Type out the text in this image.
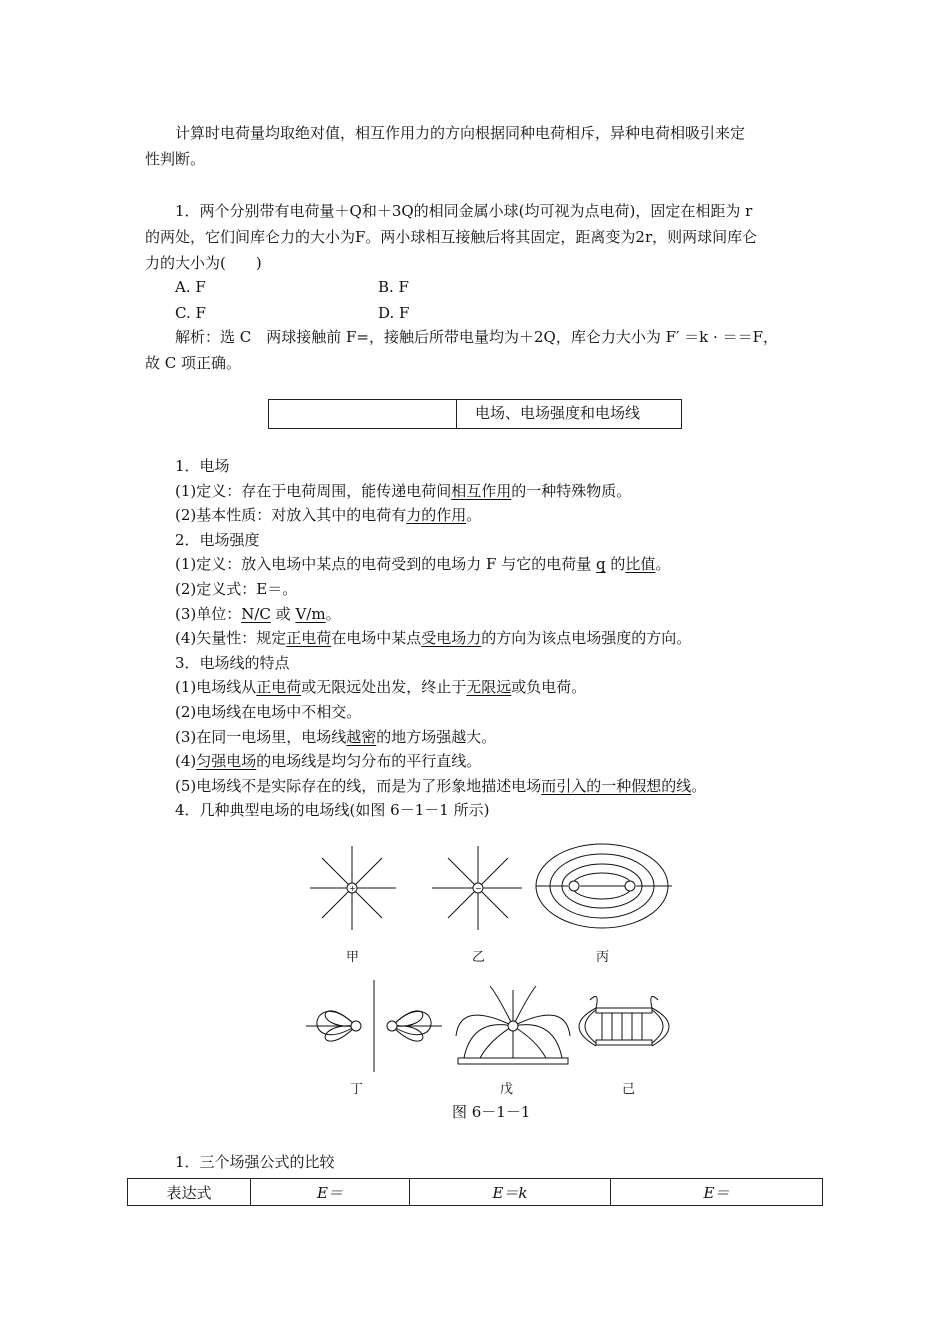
计算时电荷量均取绝对值，相互作用力的方向根据同种电荷相斥，异种电荷相吸引来定
性判断。
1．两个分别带有电荷量＋Q和＋3Q的相同金属小球(均可视为点电荷)，固定在相距为 r
的两处，它们间库仑力的大小为F。两小球相互接触后将其固定，距离变为2r，则两球间库仑
力的大小为(　　)
A. F	B. F
C. F	D. F
解析：选 C　两球接触前 F=，接触后所带电量均为＋2Q，库仑力大小为 F′ ＝k · ＝＝F，
故 C 项正确。
电场、电场强度和电场线
1．电场
(1)定义：存在于电荷周围，能传递电荷间相互作用的一种特殊物质。
(2)基本性质：对放入其中的电荷有力的作用。
2．电场强度
(1)定义：放入电场中某点的电荷受到的电场力 F 与它的电荷量 q 的比值。
(2)定义式：E＝。
(3)单位：N/C 或 V/m。
(4)矢量性：规定正电荷在电场中某点受电场力的方向为该点电场强度的方向。
3．电场线的特点
(1)电场线从正电荷或无限远处出发，终止于无限远或负电荷。
(2)电场线在电场中不相交。
(3)在同一电场里，电场线越密的地方场强越大。
(4)匀强电场的电场线是均匀分布的平行直线。
(5)电场线不是实际存在的线，而是为了形象地描述电场而引入的一种假想的线。
4．几种典型电场的电场线(如图 6－1－1 所示)
+	−
甲	乙	丙
丁	戊	己
图 6－1－1
1．三个场强公式的比较
表达式	E＝	E＝k	E＝
